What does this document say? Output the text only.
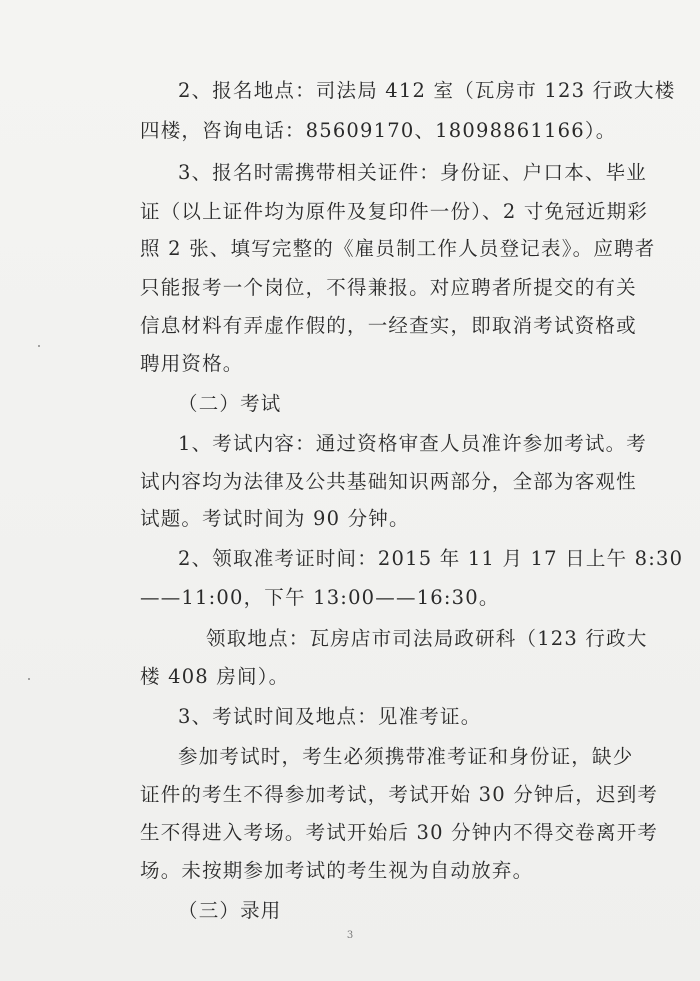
2、报名地点：司法局 412 室（瓦房市 123 行政大楼
四楼，咨询电话：85609170、18098861166）。
3、报名时需携带相关证件：身份证、户口本、毕业
证（以上证件均为原件及复印件一份）、2 寸免冠近期彩
照 2 张、填写完整的《雇员制工作人员登记表》。应聘者
只能报考一个岗位，不得兼报。对应聘者所提交的有关
信息材料有弄虚作假的，一经查实，即取消考试资格或
聘用资格。
（二）考试
1、考试内容：通过资格审查人员准许参加考试。考
试内容均为法律及公共基础知识两部分，全部为客观性
试题。考试时间为 90 分钟。
2、领取准考证时间：2015 年 11 月 17 日上午 8:30
——11:00，下午 13:00——16:30。
领取地点：瓦房店市司法局政研科（123 行政大
楼 408 房间）。
3、考试时间及地点：见准考证。
参加考试时，考生必须携带准考证和身份证，缺少
证件的考生不得参加考试，考试开始 30 分钟后，迟到考
生不得进入考场。考试开始后 30 分钟内不得交卷离开考
场。未按期参加考试的考生视为自动放弃。
（三）录用
3
